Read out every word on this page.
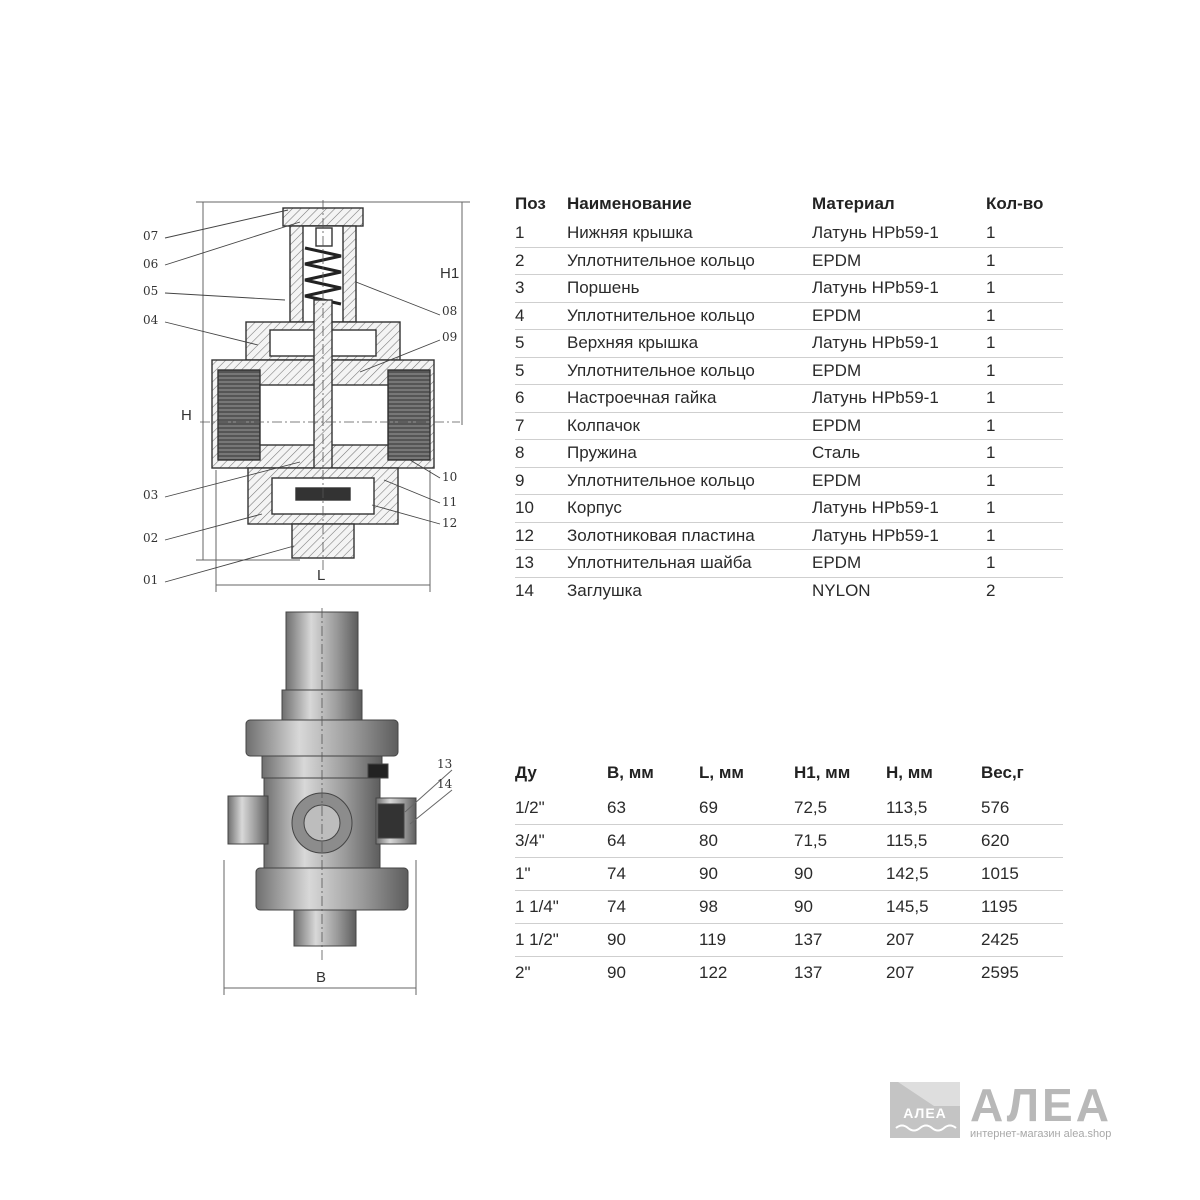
H1
H
L
07
06
05
04
03
02
01
08
09
10
11
12
B
13
14
Поз	Наименование	Материал	Кол-во
1	Нижняя крышка	Латунь HPb59-1	1
2	Уплотнительное кольцо	EPDM	1
3	Поршень	Латунь HPb59-1	1
4	Уплотнительное кольцо	EPDM	1
5	Верхняя крышка	Латунь HPb59-1	1
5	Уплотнительное кольцо	EPDM	1
6	Настроечная гайка	Латунь HPb59-1	1
7	Колпачок	EPDM	1
8	Пружина	Сталь	1
9	Уплотнительное кольцо	EPDM	1
10	Корпус	Латунь HPb59-1	1
12	Золотниковая пластина	Латунь HPb59-1	1
13	Уплотнительная шайба	EPDM	1
14	Заглушка	NYLON	2
Ду	B, мм	L, мм	H1, мм	H, мм	Вес,г
1/2"	63	69	72,5	113,5	576
3/4"	64	80	71,5	115,5	620
1"	74	90	90	142,5	1015
1 1/4"	74	98	90	145,5	1195
1 1/2"	90	119	137	207	2425
2"	90	122	137	207	2595
АЛЕА АЛЕА
интернет-магазин alea.shop
